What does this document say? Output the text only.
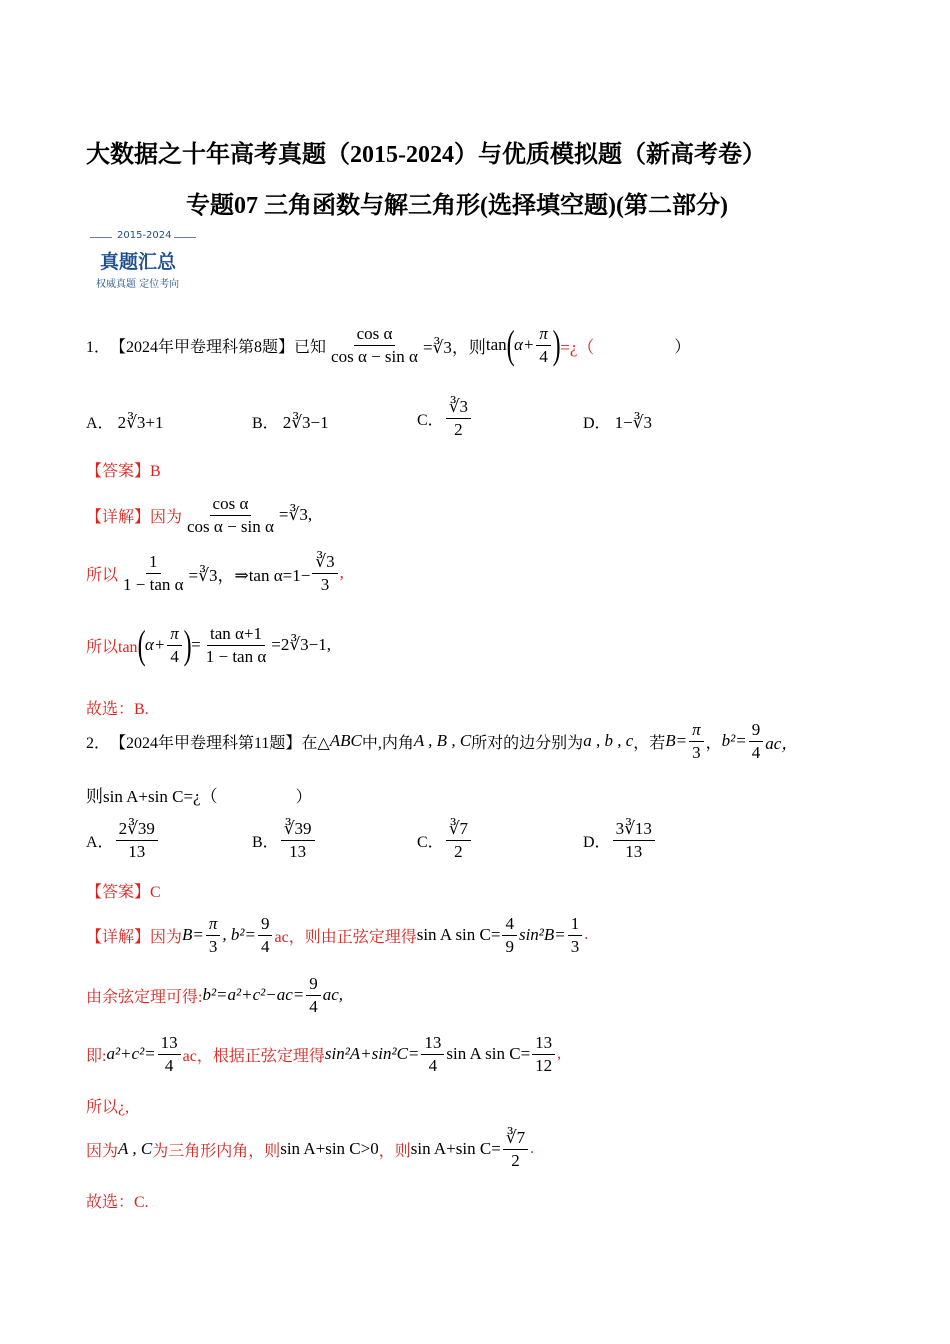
大数据之十年高考真题（2015-2024）与优质模拟题（新高考卷）
专题07 三角函数与解三角形(选择填空题)(第二部分)
2015-2024
真题汇总
权威真题 定位考向
1． 【2024年甲卷理科第8题】已知 $\frac{\text{cos α}}{\text{cos α − sin α}}$ =∛3，则 tan ( $\alpha+ \frac{\pi}{4}$ ) =¿（	）
A． 2∛3+1	B． 2∛3−1	C． $\frac{∛3}{2}$	D． 1−∛3
【答案】B
【详解】因为 $\frac{\text{cos α}}{\text{cos α − sin α}}$ =∛3,
所以 $\frac{1}{\text{1 − tan α}}$ =∛3，⇒tan $\alpha=1- \frac{∛3}{3}$ ,
所以tan ( $\alpha+ \frac{\pi}{4}$ ) = $\frac{\text{tan α+1}}{\text{1 − tan α}}$ =2∛3−1,
故选：B.
2． 【2024年甲卷理科第11题】在△ ABC 中,内角 A , B , C 所对的边分别为 a , b , c ，若 $B= \frac{\pi}{3}$ ， $b^2= \frac{9}{4}$ ac，
则sin A+sin C=¿（	）
A． $\frac{2∛39}{13}$	B． $\frac{∛39}{13}$	C． $\frac{∛7}{2}$	D． $\frac{3∛13}{13}$
【答案】C
【详解】因为 $B= \frac{\pi}{3}$ , $b^2= \frac{9}{4}$ ac，则由正弦定理得 sin A $\sin C= \frac{4}{9} \sin^2B= \frac{1}{3}$ .
由余弦定理可得: $b^2=a^2+c^2-ac= \frac{9}{4}$ ac,
即: $a^2+c^2= \frac{13}{4}$ ac，根据正弦定理得 $\sin^2A+\sin^2C= \frac{13}{4}$ sin A $\sin C= \frac{13}{12}$ ,
所以¿,
因为 A , C 为三角形内角，则 sin A+sin C>0 ，则 sin A+sin $C= \frac{∛7}{2}$ .
故选：C.
